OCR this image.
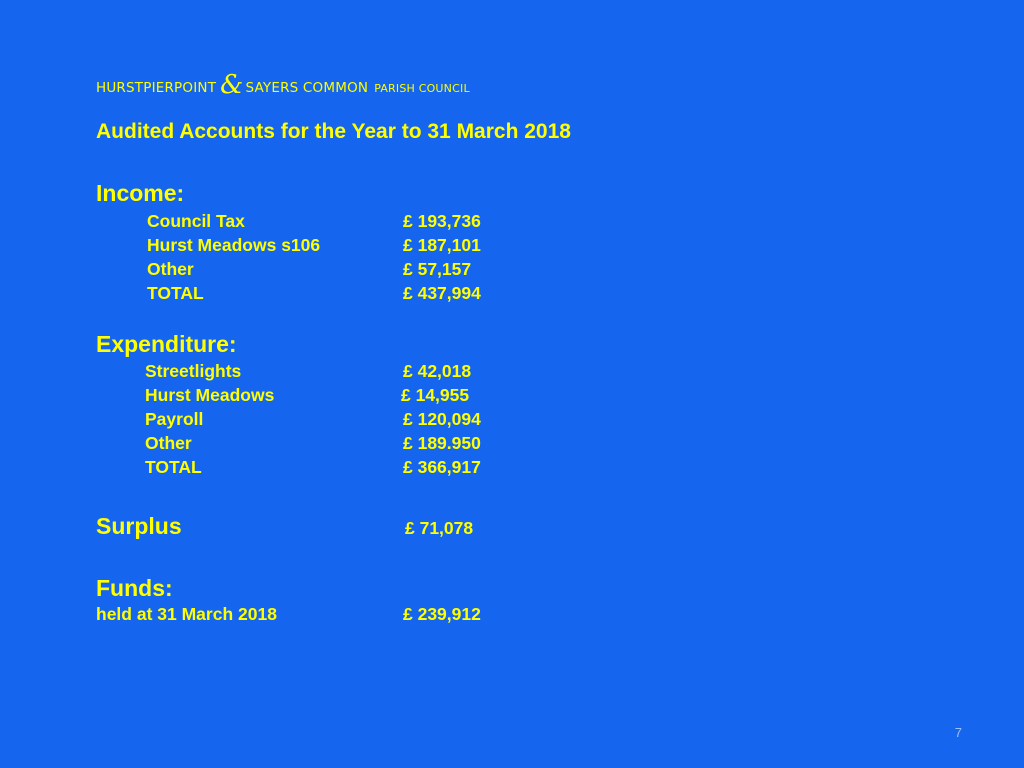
HURSTPIERPOINT & SAYERS COMMON PARISH COUNCIL
Audited Accounts for the Year to 31 March 2018
Income:
Council Tax	£ 193,736
Hurst Meadows s106	£ 187,101
Other	£ 57,157
TOTAL	£ 437,994
Expenditure:
Streetlights	£ 42,018
Hurst Meadows	£ 14,955
Payroll	£ 120,094
Other	£ 189.950
TOTAL	£ 366,917
Surplus	£ 71,078
Funds:
held at 31 March 2018	£ 239,912
7
